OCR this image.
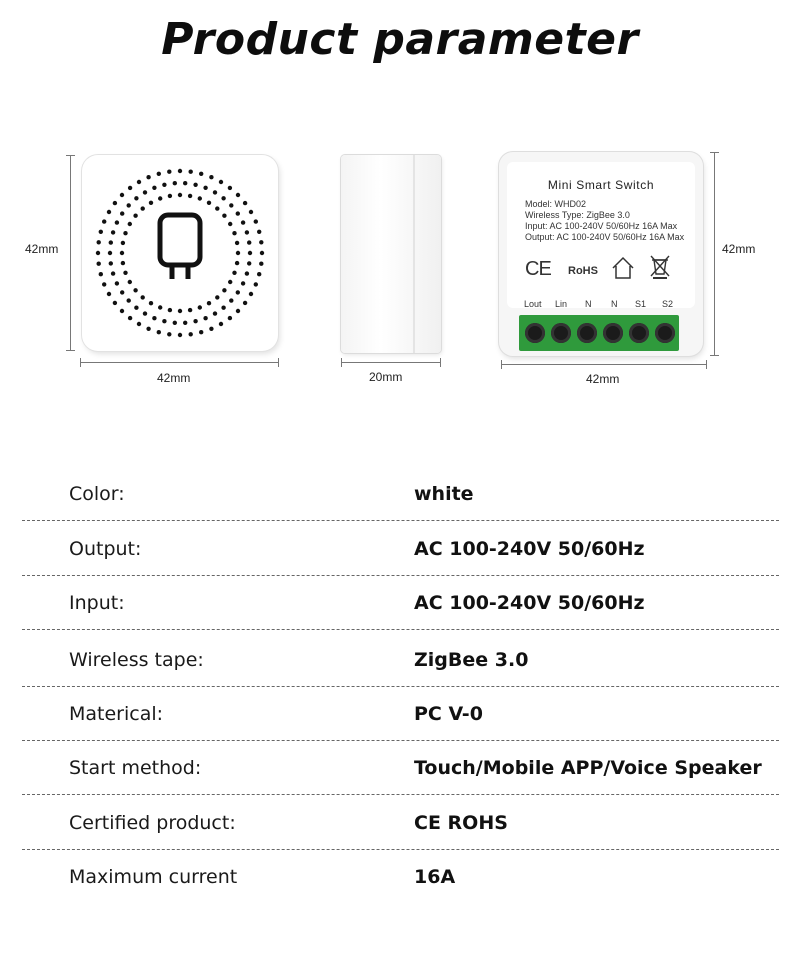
Product parameter
42mm
42mm	20mm
Mini Smart Switch
Model: WHD02
Wireless Type: ZigBee 3.0
Input: AC 100-240V 50/60Hz 16A Max
Output: AC 100-240V 50/60Hz 16A Max
CE RoHS
Lout Lin N N S1 S2
42mm
42mm
Color:	white
Output:	AC 100-240V 50/60Hz
Input:	AC 100-240V 50/60Hz
Wireless tape:	ZigBee 3.0
Materical:	PC V-0
Start method:	Touch/Mobile APP/Voice Speaker
Certified product:	CE ROHS
Maximum current	16A
